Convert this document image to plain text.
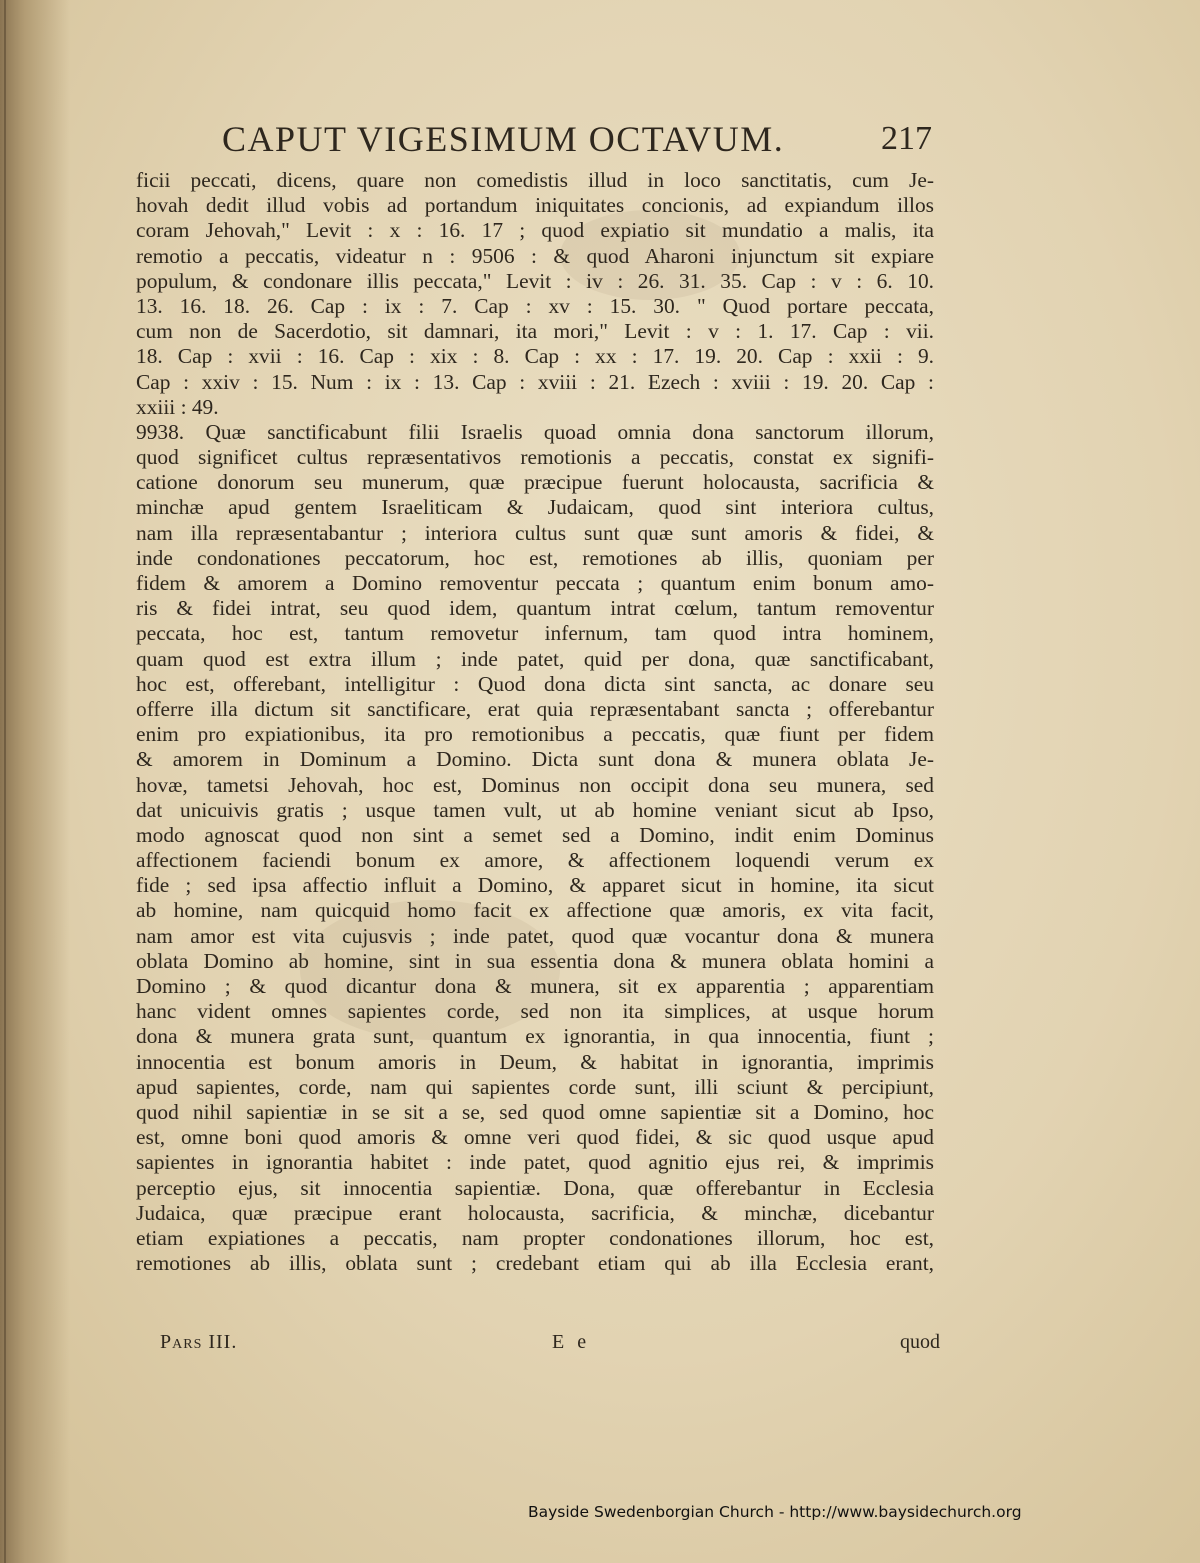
CAPUT VIGESIMUM OCTAVUM.	217
ficii peccati, dicens, quare non comedistis illud in loco sanctitatis, cum Je-
hovah dedit illud vobis ad portandum iniquitates concionis, ad expiandum illos
coram Jehovah," Levit : x : 16. 17 ; quod expiatio sit mundatio a malis, ita
remotio a peccatis, videatur n : 9506 : & quod Aharoni injunctum sit expiare
populum, & condonare illis peccata," Levit : iv : 26. 31. 35. Cap : v : 6. 10.
13. 16. 18. 26. Cap : ix : 7. Cap : xv : 15. 30. " Quod portare peccata,
cum non de Sacerdotio, sit damnari, ita mori," Levit : v : 1. 17. Cap : vii.
18. Cap : xvii : 16. Cap : xix : 8. Cap : xx : 17. 19. 20. Cap : xxii : 9.
Cap : xxiv : 15. Num : ix : 13. Cap : xviii : 21. Ezech : xviii : 19. 20. Cap :
xxiii : 49.
9938. Quæ sanctificabunt filii Israelis quoad omnia dona sanctorum illorum,
quod significet cultus repræsentativos remotionis a peccatis, constat ex signifi-
catione donorum seu munerum, quæ præcipue fuerunt holocausta, sacrificia &
minchæ apud gentem Israeliticam & Judaicam, quod sint interiora cultus,
nam illa repræsentabantur ; interiora cultus sunt quæ sunt amoris & fidei, &
inde condonationes peccatorum, hoc est, remotiones ab illis, quoniam per
fidem & amorem a Domino removentur peccata ; quantum enim bonum amo-
ris & fidei intrat, seu quod idem, quantum intrat cœlum, tantum removentur
peccata, hoc est, tantum removetur infernum, tam quod intra hominem,
quam quod est extra illum ; inde patet, quid per dona, quæ sanctificabant,
hoc est, offerebant, intelligitur : Quod dona dicta sint sancta, ac donare seu
offerre illa dictum sit sanctificare, erat quia repræsentabant sancta ; offerebantur
enim pro expiationibus, ita pro remotionibus a peccatis, quæ fiunt per fidem
& amorem in Dominum a Domino. Dicta sunt dona & munera oblata Je-
hovæ, tametsi Jehovah, hoc est, Dominus non occipit dona seu munera, sed
dat unicuivis gratis ; usque tamen vult, ut ab homine veniant sicut ab Ipso,
modo agnoscat quod non sint a semet sed a Domino, indit enim Dominus
affectionem faciendi bonum ex amore, & affectionem loquendi verum ex
fide ; sed ipsa affectio influit a Domino, & apparet sicut in homine, ita sicut
ab homine, nam quicquid homo facit ex affectione quæ amoris, ex vita facit,
nam amor est vita cujusvis ; inde patet, quod quæ vocantur dona & munera
oblata Domino ab homine, sint in sua essentia dona & munera oblata homini a
Domino ; & quod dicantur dona & munera, sit ex apparentia ; apparentiam
hanc vident omnes sapientes corde, sed non ita simplices, at usque horum
dona & munera grata sunt, quantum ex ignorantia, in qua innocentia, fiunt ;
innocentia est bonum amoris in Deum, & habitat in ignorantia, imprimis
apud sapientes, corde, nam qui sapientes corde sunt, illi sciunt & percipiunt,
quod nihil sapientiæ in se sit a se, sed quod omne sapientiæ sit a Domino, hoc
est, omne boni quod amoris & omne veri quod fidei, & sic quod usque apud
sapientes in ignorantia habitet : inde patet, quod agnitio ejus rei, & imprimis
perceptio ejus, sit innocentia sapientiæ. Dona, quæ offerebantur in Ecclesia
Judaica, quæ præcipue erant holocausta, sacrificia, & minchæ, dicebantur
etiam expiationes a peccatis, nam propter condonationes illorum, hoc est,
remotiones ab illis, oblata sunt ; credebant etiam qui ab illa Ecclesia erant,
Pars III.	E e	quod
Bayside Swedenborgian Church - http://www.baysidechurch.org
